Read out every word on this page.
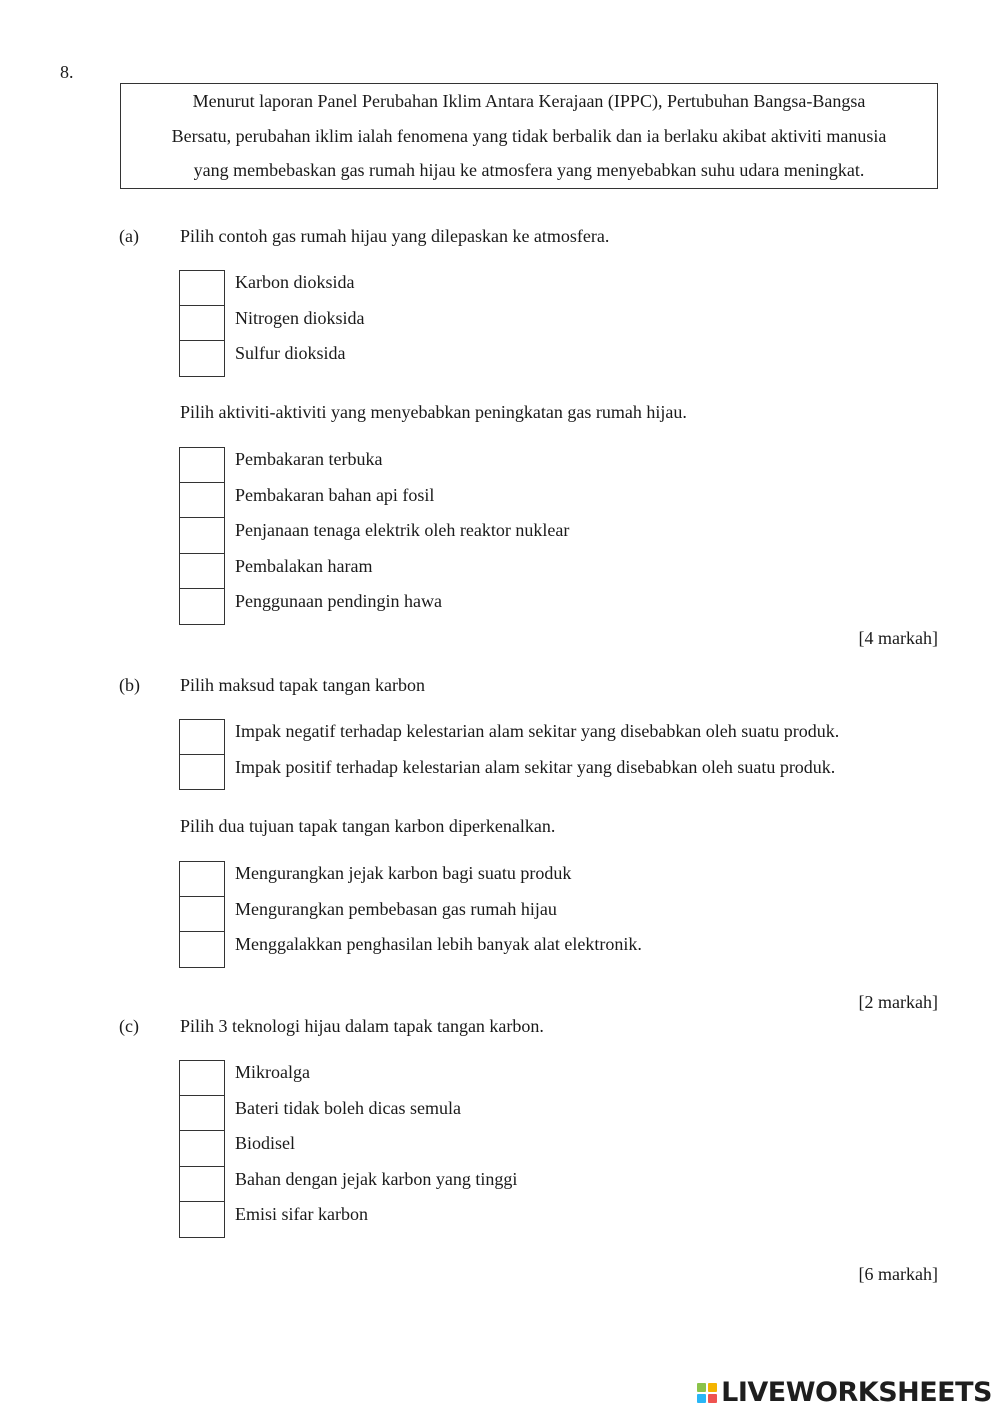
8.
Menurut laporan Panel Perubahan Iklim Antara Kerajaan (IPPC), Pertubuhan Bangsa-Bangsa
Bersatu, perubahan iklim ialah fenomena yang tidak berbalik dan ia berlaku akibat aktiviti manusia
yang membebaskan gas rumah hijau ke atmosfera yang menyebabkan suhu udara meningkat.
(a) Pilih contoh gas rumah hijau yang dilepaskan ke atmosfera.
Karbon dioksida
Nitrogen dioksida
Sulfur dioksida
Pilih aktiviti-aktiviti yang menyebabkan peningkatan gas rumah hijau.
Pembakaran terbuka
Pembakaran bahan api fosil
Penjanaan tenaga elektrik oleh reaktor nuklear
Pembalakan haram
Penggunaan pendingin hawa
[4 markah]
(b) Pilih maksud tapak tangan karbon
Impak negatif terhadap kelestarian alam sekitar yang disebabkan oleh suatu produk.
Impak positif terhadap kelestarian alam sekitar yang disebabkan oleh suatu produk.
Pilih dua tujuan tapak tangan karbon diperkenalkan.
Mengurangkan jejak karbon bagi suatu produk
Mengurangkan pembebasan gas rumah hijau
Menggalakkan penghasilan lebih banyak alat elektronik.
[2 markah]
(c) Pilih 3 teknologi hijau dalam tapak tangan karbon.
Mikroalga
Bateri tidak boleh dicas semula
Biodisel
Bahan dengan jejak karbon yang tinggi
Emisi sifar karbon
[6 markah]
LIVEWORKSHEETS
